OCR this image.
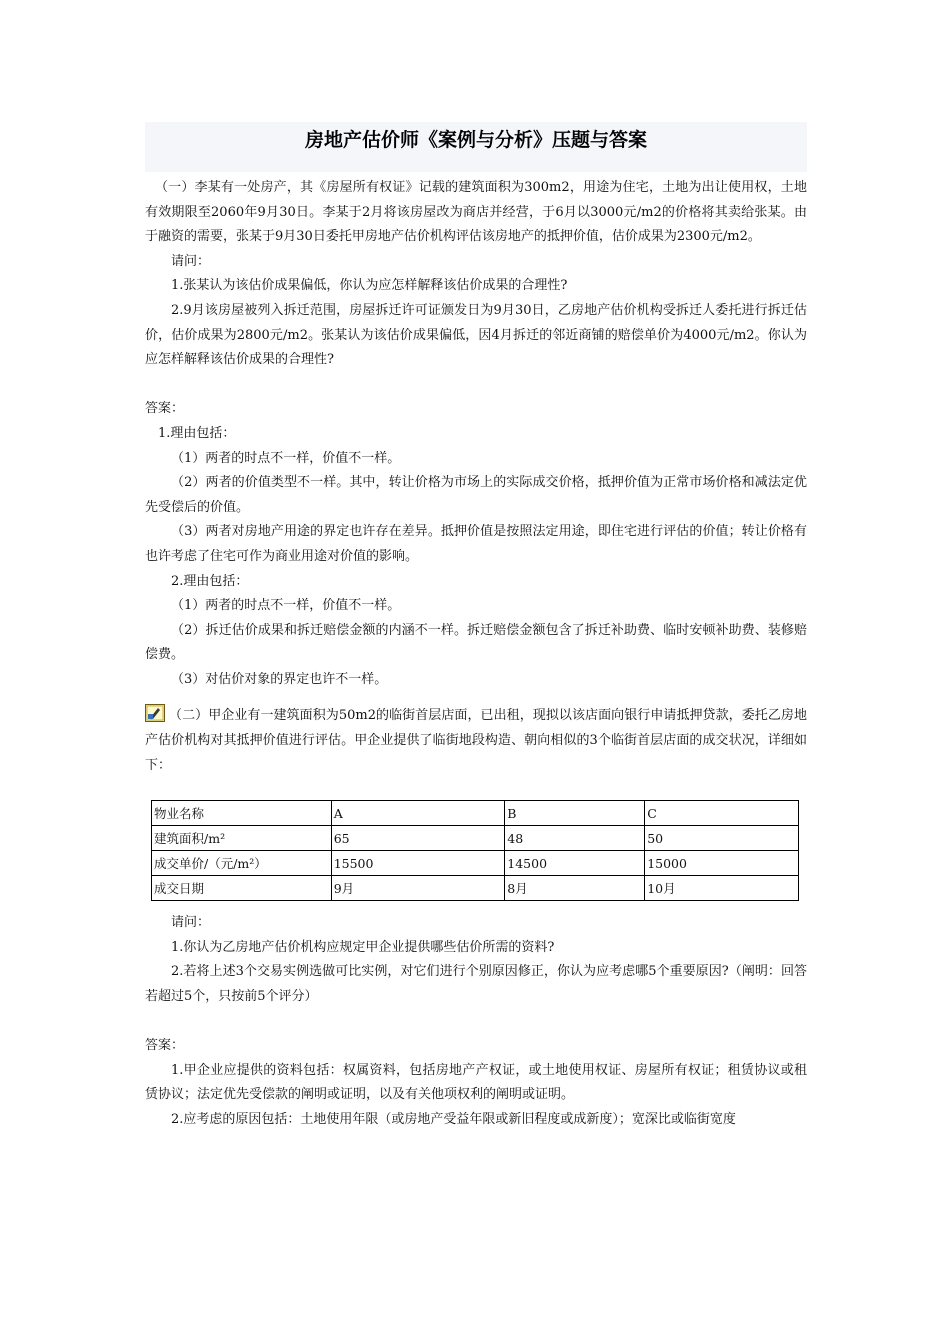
房地产估价师《案例与分析》压题与答案

（一）李某有一处房产，其《房屋所有权证》记载的建筑面积为300m2，用途为住宅，土地为出让使用权，土地有效期限至2060年9月30日。李某于2月将该房屋改为商店并经营，于6月以3000元/m2的价格将其卖给张某。由于融资的需要，张某于9月30日委托甲房地产估价机构评估该房地产的抵押价值，估价成果为2300元/m2。

请问：

1.张某认为该估价成果偏低，你认为应怎样解释该估价成果的合理性?

2.9月该房屋被列入拆迁范围，房屋拆迁许可证颁发日为9月30日，乙房地产估价机构受拆迁人委托进行拆迁估价，估价成果为2800元/m2。张某认为该估价成果偏低，因4月拆迁的邻近商铺的赔偿单价为4000元/m2。你认为应怎样解释该估价成果的合理性?

答案：

1.理由包括：

（1）两者的时点不一样，价值不一样。

（2）两者的价值类型不一样。其中，转让价格为市场上的实际成交价格，抵押价值为正常市场价格和减法定优先受偿后的价值。

（3）两者对房地产用途的界定也许存在差异。抵押价值是按照法定用途，即住宅进行评估的价值；转让价格有也许考虑了住宅可作为商业用途对价值的影响。

2.理由包括：

（1）两者的时点不一样，价值不一样。

（2）拆迁估价成果和拆迁赔偿金额的内涵不一样。拆迁赔偿金额包含了拆迁补助费、临时安顿补助费、装修赔偿费。

（3）对估价对象的界定也许不一样。

（二）甲企业有一建筑面积为50m2的临街首层店面，已出租，现拟以该店面向银行申请抵押贷款，委托乙房地产估价机构对其抵押价值进行评估。甲企业提供了临街地段构造、朝向相似的3个临街首层店面的成交状况，详细如下：

物业名称	A	B	C
建筑面积/m²	65	48	50
成交单价/（元/m²）	15500	14500	15000
成交日期	9月	8月	10月

请问：

1.你认为乙房地产估价机构应规定甲企业提供哪些估价所需的资料?

2.若将上述3个交易实例选做可比实例，对它们进行个别原因修正，你认为应考虑哪5个重要原因?（阐明：回答若超过5个，只按前5个评分）

答案：

1.甲企业应提供的资料包括：权属资料，包括房地产产权证，或土地使用权证、房屋所有权证；租赁协议或租赁协议；法定优先受偿款的阐明或证明，以及有关他项权利的阐明或证明。

2.应考虑的原因包括：土地使用年限（或房地产受益年限或新旧程度或成新度）；宽深比或临街宽度
